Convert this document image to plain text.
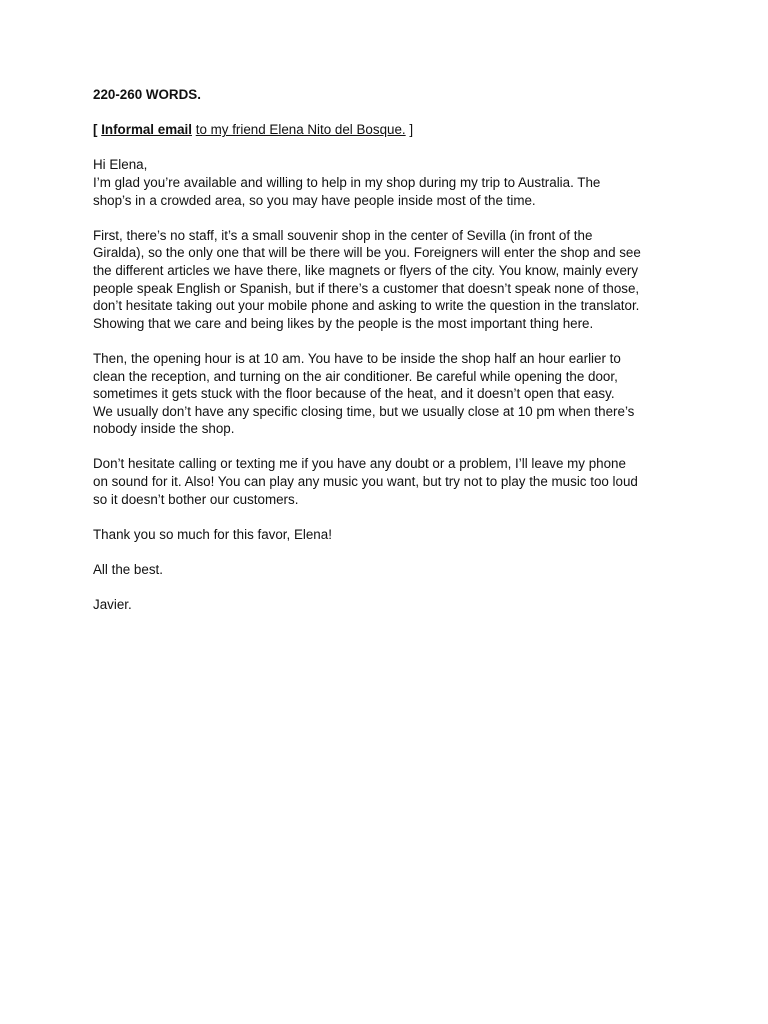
220-260 WORDS.
[ Informal email to my friend Elena Nito del Bosque. ]
Hi Elena,
I’m glad you’re available and willing to help in my shop during my trip to Australia. The
shop’s in a crowded area, so you may have people inside most of the time.
First, there’s no staff, it’s a small souvenir shop in the center of Sevilla (in front of the
Giralda), so the only one that will be there will be you. Foreigners will enter the shop and see
the different articles we have there, like magnets or flyers of the city. You know, mainly every
people speak English or Spanish, but if there’s a customer that doesn’t speak none of those,
don’t hesitate taking out your mobile phone and asking to write the question in the translator.
Showing that we care and being likes by the people is the most important thing here.
Then, the opening hour is at 10 am. You have to be inside the shop half an hour earlier to
clean the reception, and turning on the air conditioner. Be careful while opening the door,
sometimes it gets stuck with the floor because of the heat, and it doesn’t open that easy.
We usually don’t have any specific closing time, but we usually close at 10 pm when there’s
nobody inside the shop.
Don’t hesitate calling or texting me if you have any doubt or a problem, I’ll leave my phone
on sound for it. Also! You can play any music you want, but try not to play the music too loud
so it doesn’t bother our customers.
Thank you so much for this favor, Elena!
All the best.
Javier.
